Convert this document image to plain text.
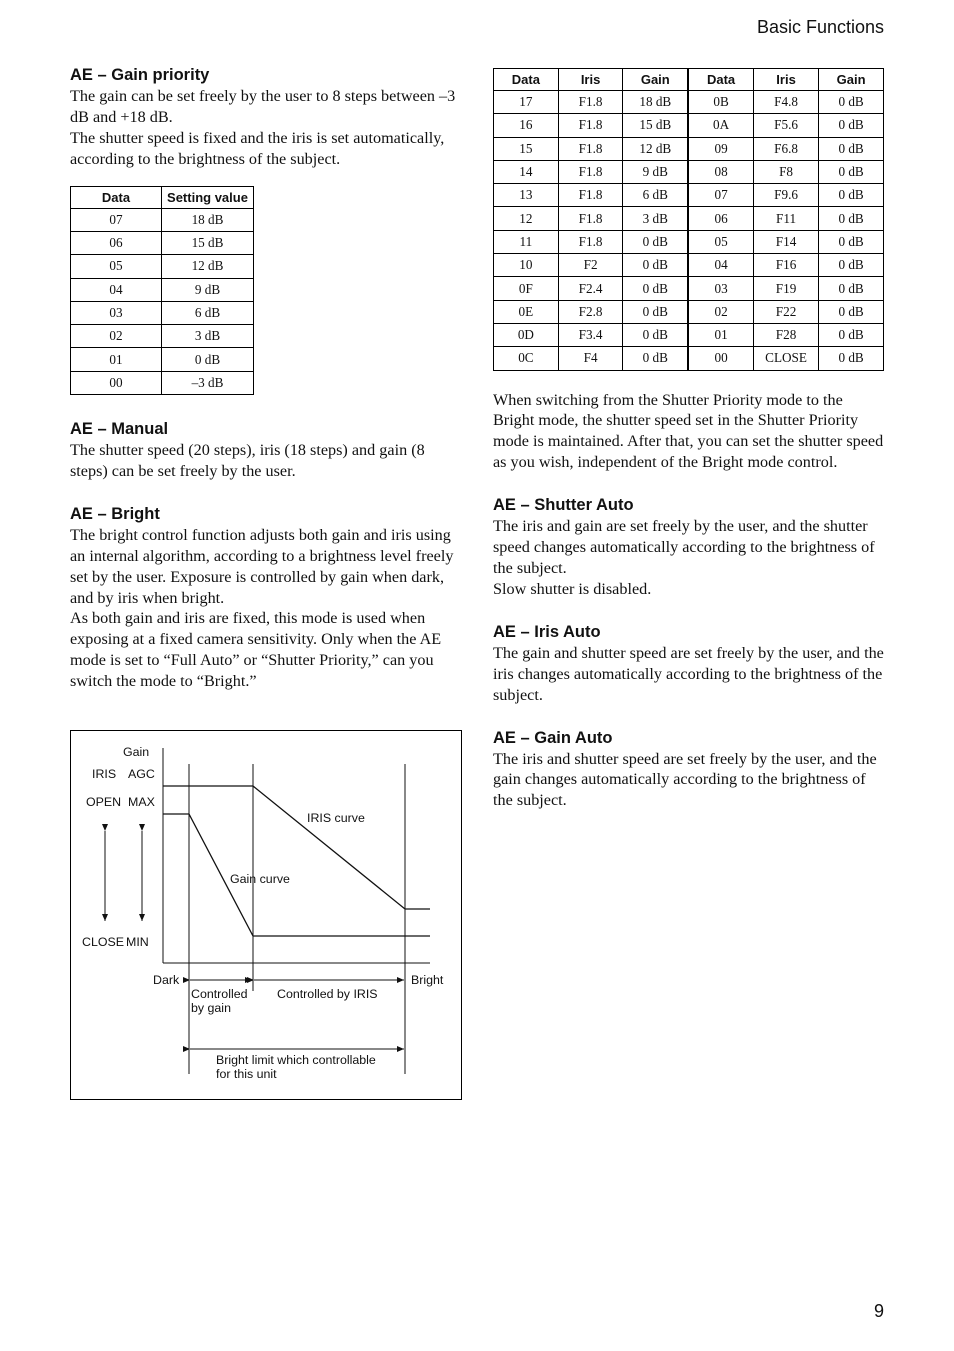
Basic Functions
AE – Gain priority

The gain can be set freely by the user to 8 steps between –3 dB and +18 dB.

The shutter speed is fixed and the iris is set automatically, according to the brightness of the subject.

Data	Setting value
07	18 dB
06	15 dB
05	12 dB
04	9 dB
03	6 dB
02	3 dB
01	0 dB
00	–3 dB
AE – Manual

The shutter speed (20 steps), iris (18 steps) and gain (8 steps) can be set freely by the user.

AE – Bright

The bright control function adjusts both gain and iris using an internal algorithm, according to a brightness level freely set by the user. Exposure is controlled by gain when dark, and by iris when bright.

As both gain and iris are fixed, this mode is used when exposing at a fixed camera sensitivity. Only when the AE mode is set to “Full Auto” or “Shutter Priority,” can you switch the mode to “Bright.”

Gain
IRIS AGC
OPEN MAX
CLOSE MIN
IRIS curve
Gain curve
Dark	Bright
Controlled
by gain
Controlled by IRIS
Bright limit which controllable
for this unit
Data	Iris	Gain	Data	Iris	Gain
17	F1.8	18 dB	0B	F4.8	0 dB
16	F1.8	15 dB	0A	F5.6	0 dB
15	F1.8	12 dB	09	F6.8	0 dB
14	F1.8	9 dB	08	F8	0 dB
13	F1.8	6 dB	07	F9.6	0 dB
12	F1.8	3 dB	06	F11	0 dB
11	F1.8	0 dB	05	F14	0 dB
10	F2	0 dB	04	F16	0 dB
0F	F2.4	0 dB	03	F19	0 dB
0E	F2.8	0 dB	02	F22	0 dB
0D	F3.4	0 dB	01	F28	0 dB
0C	F4	0 dB	00	CLOSE	0 dB

When switching from the Shutter Priority mode to the Bright mode, the shutter speed set in the Shutter Priority mode is maintained. After that, you can set the shutter speed as you wish, independent of the Bright mode control.

AE – Shutter Auto

The iris and gain are set freely by the user, and the shutter speed changes automatically according to the brightness of the subject.

Slow shutter is disabled.

AE – Iris Auto

The gain and shutter speed are set freely by the user, and the iris changes automatically according to the brightness of the subject.

AE – Gain Auto

The iris and shutter speed are set freely by the user, and the gain changes automatically according to the brightness of the subject.

9
